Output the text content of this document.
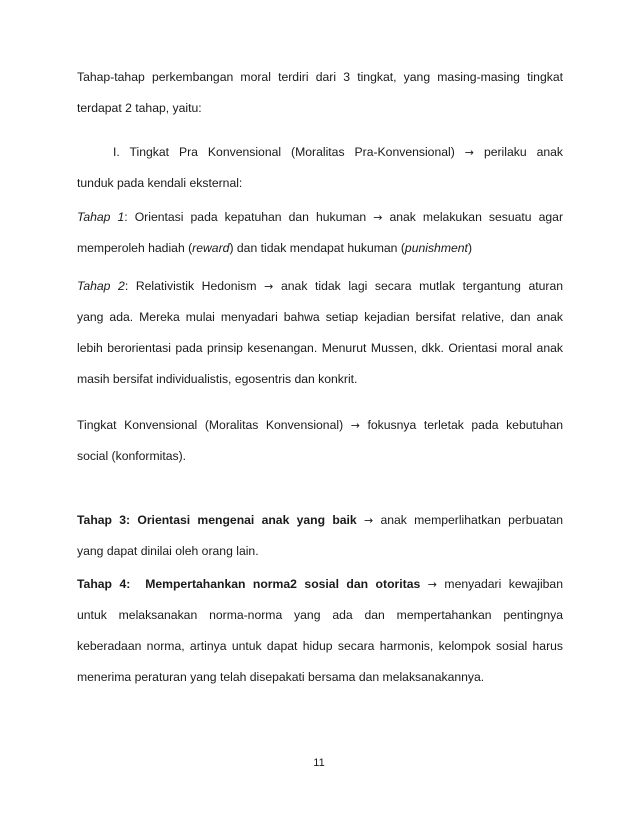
Tahap-tahap perkembangan moral terdiri dari 3 tingkat, yang masing-masing tingkat
terdapat 2 tahap, yaitu:
I. Tingkat Pra Konvensional (Moralitas Pra-Konvensional) → perilaku anak
tunduk pada kendali eksternal:
Tahap 1: Orientasi pada kepatuhan dan hukuman → anak melakukan sesuatu agar
memperoleh hadiah (reward) dan tidak mendapat hukuman (punishment)
Tahap 2: Relativistik Hedonism → anak tidak lagi secara mutlak tergantung aturan
yang ada. Mereka mulai menyadari bahwa setiap kejadian bersifat relative, dan anak
lebih berorientasi pada prinsip kesenangan. Menurut Mussen, dkk. Orientasi moral anak
masih bersifat individualistis, egosentris dan konkrit.
Tingkat Konvensional (Moralitas Konvensional) → fokusnya terletak pada kebutuhan
social (konformitas).
Tahap 3: Orientasi mengenai anak yang baik → anak memperlihatkan perbuatan
yang dapat dinilai oleh orang lain.
Tahap 4:  Mempertahankan norma2 sosial dan otoritas → menyadari kewajiban
untuk melaksanakan norma-norma yang ada dan mempertahankan pentingnya
keberadaan norma, artinya untuk dapat hidup secara harmonis, kelompok sosial harus
menerima peraturan yang telah disepakati bersama dan melaksanakannya.
11
